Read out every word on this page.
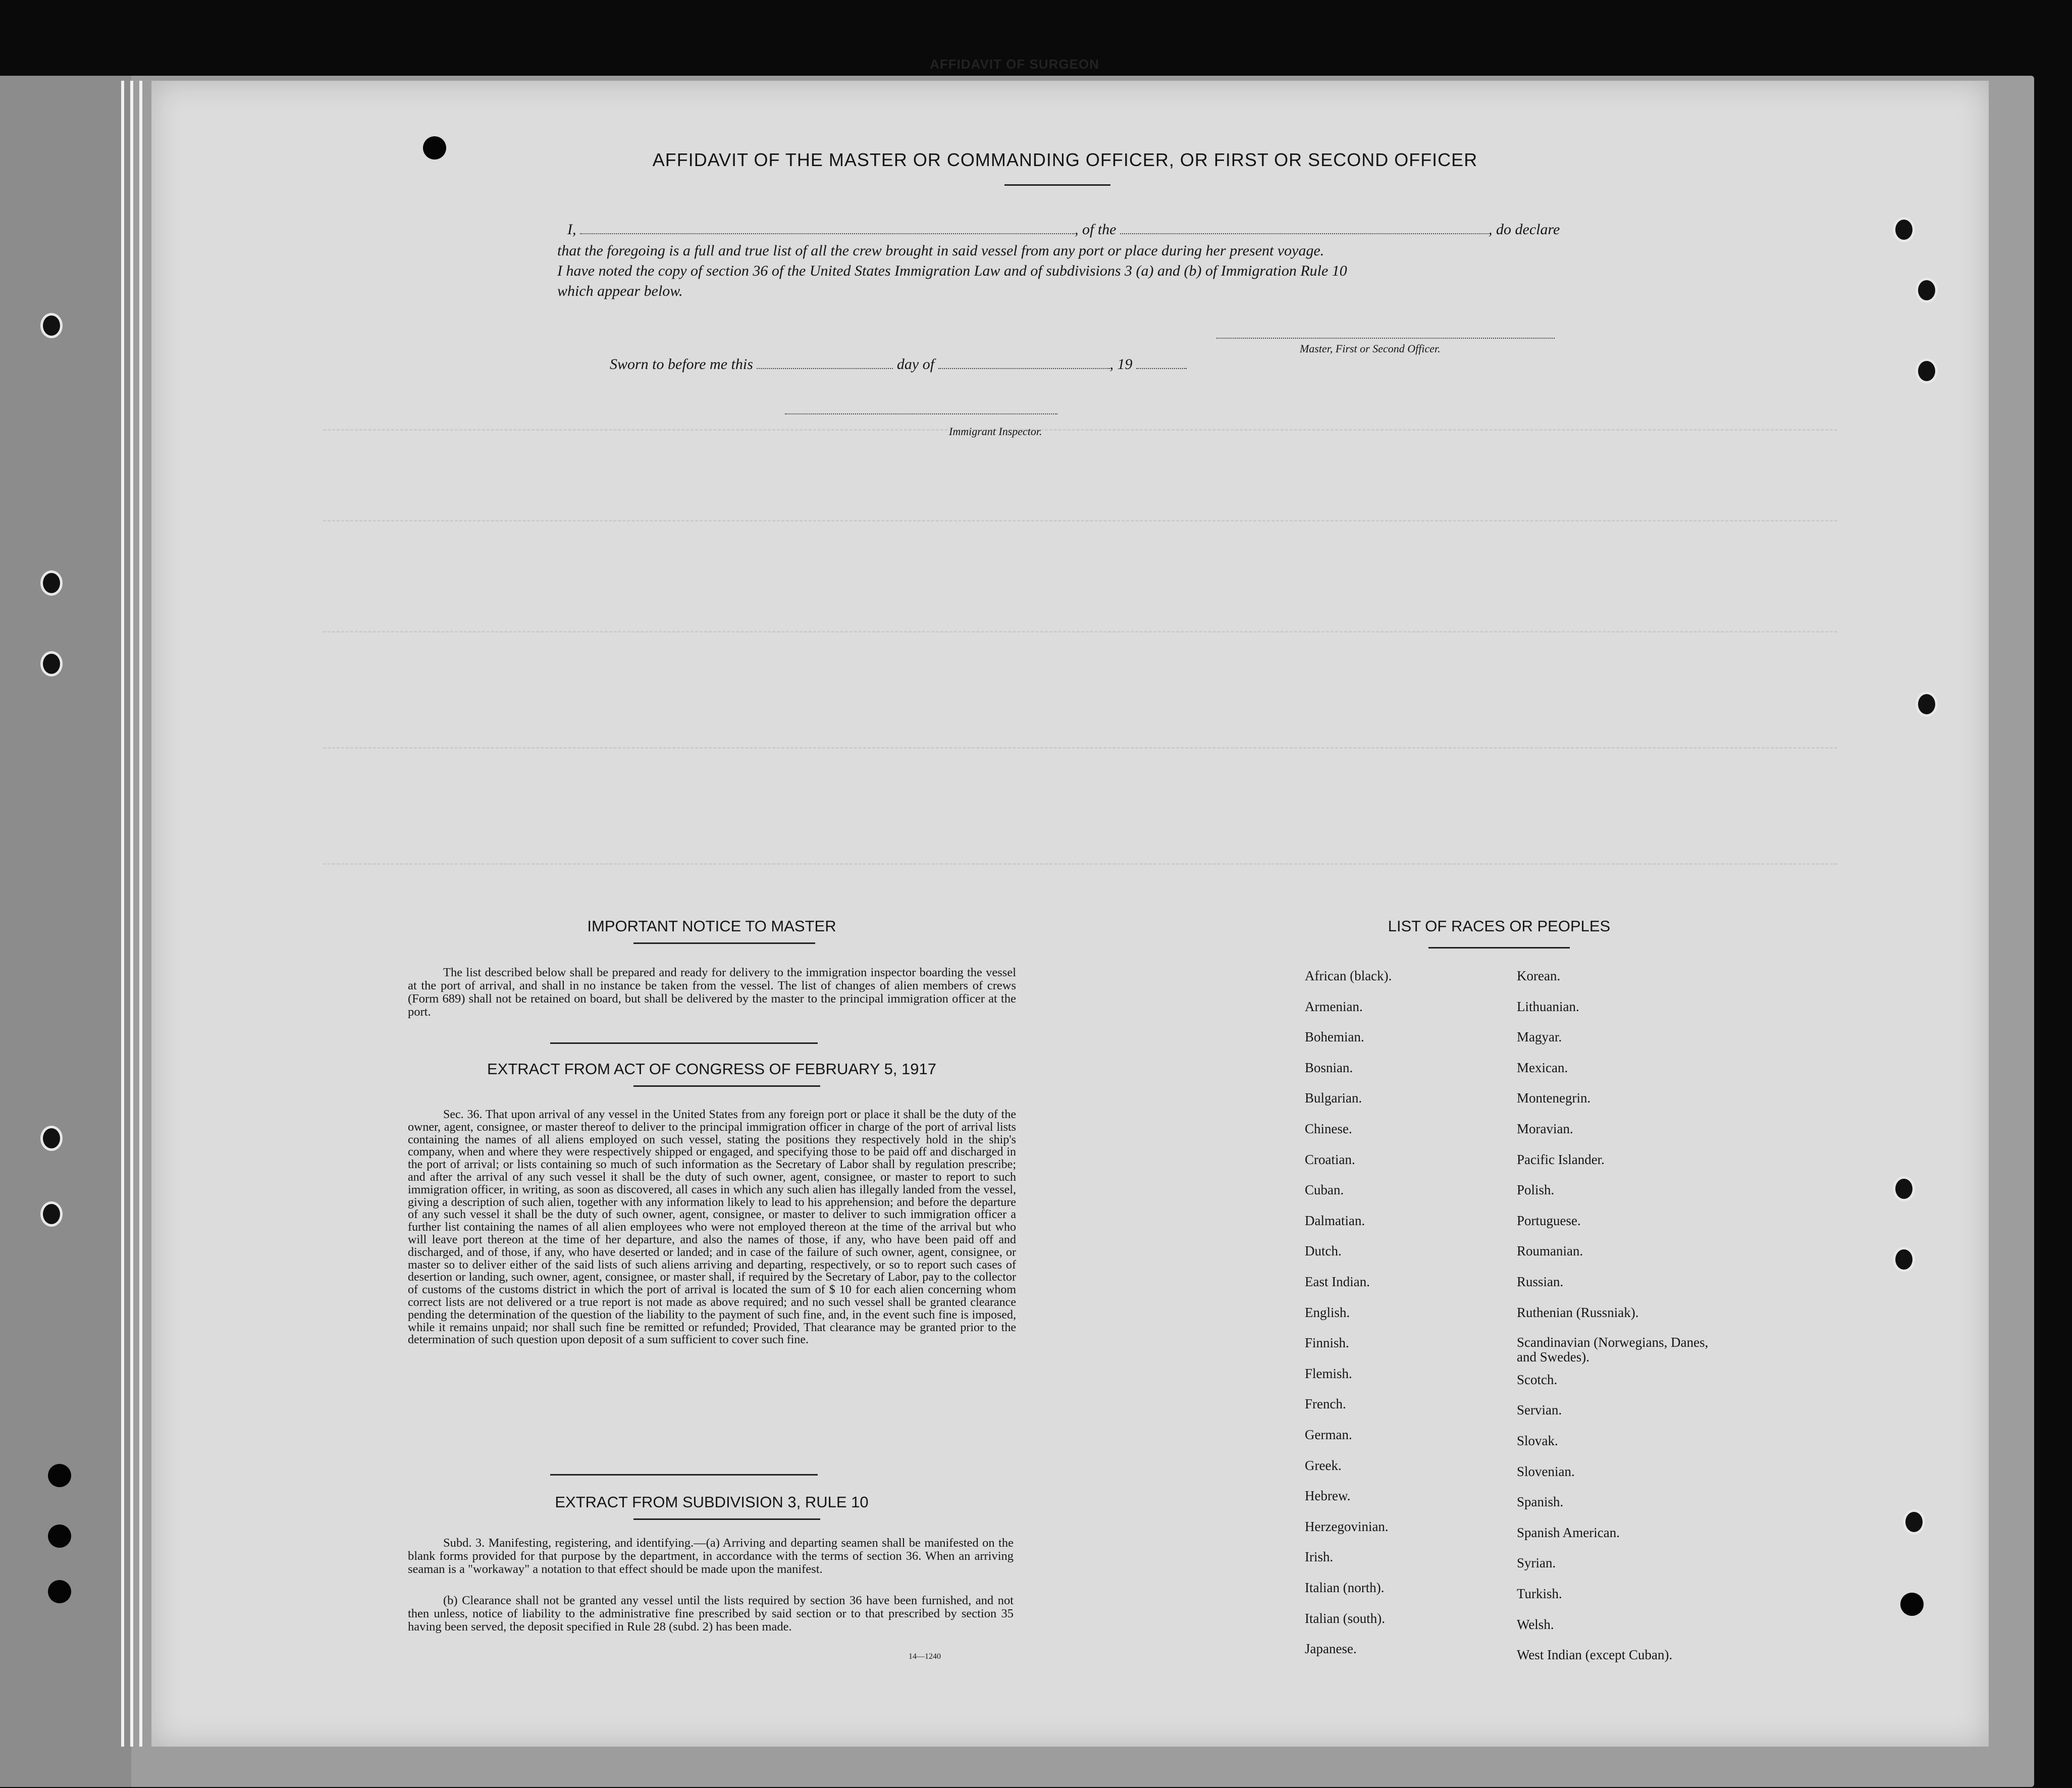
AFFIDAVIT OF SURGEON
AFFIDAVIT OF THE MASTER OR COMMANDING OFFICER, OR FIRST OR SECOND OFFICER
I,	, of the	, do declare
that the foregoing is a full and true list of all the crew brought in said vessel from any port or place during her present voyage.
I have noted the copy of section 36 of the United States Immigration Law and of subdivisions 3 (a) and (b) of Immigration Rule 10
which appear below.
Master, First or Second Officer.
Sworn to before me this	day of	, 19
Immigrant Inspector.
IMPORTANT NOTICE TO MASTER
The list described below shall be prepared and ready for delivery to the immigration inspector boarding the vessel at the port of arrival, and shall in no instance be taken from the vessel. The list of changes of alien members of crews (Form 689) shall not be retained on board, but shall be delivered by the master to the principal immigration officer at the port.
EXTRACT FROM ACT OF CONGRESS OF FEBRUARY 5, 1917
Sec. 36. That upon arrival of any vessel in the United States from any foreign port or place it shall be the duty of the owner, agent, consignee, or master thereof to deliver to the principal immigration officer in charge of the port of arrival lists containing the names of all aliens employed on such vessel, stating the positions they respectively hold in the ship's company, when and where they were respectively shipped or engaged, and specifying those to be paid off and discharged in the port of arrival; or lists containing so much of such information as the Secretary of Labor shall by regulation prescribe; and after the arrival of any such vessel it shall be the duty of such owner, agent, consignee, or master to report to such immigration officer, in writing, as soon as discovered, all cases in which any such alien has illegally landed from the vessel, giving a description of such alien, together with any information likely to lead to his apprehension; and before the departure of any such vessel it shall be the duty of such owner, agent, consignee, or master to deliver to such immigration officer a further list containing the names of all alien employees who were not employed thereon at the time of the arrival but who will leave port thereon at the time of her departure, and also the names of those, if any, who have been paid off and discharged, and of those, if any, who have deserted or landed; and in case of the failure of such owner, agent, consignee, or master so to deliver either of the said lists of such aliens arriving and departing, respectively, or so to report such cases of desertion or landing, such owner, agent, consignee, or master shall, if required by the Secretary of Labor, pay to the collector of customs of the customs district in which the port of arrival is located the sum of $ 10 for each alien concerning whom correct lists are not delivered or a true report is not made as above required; and no such vessel shall be granted clearance pending the determination of the question of the liability to the payment of such fine, and, in the event such fine is imposed, while it remains unpaid; nor shall such fine be remitted or refunded; Provided, That clearance may be granted prior to the determination of such question upon deposit of a sum sufficient to cover such fine.
EXTRACT FROM SUBDIVISION 3, RULE 10
Subd. 3. Manifesting, registering, and identifying.—(a) Arriving and departing seamen shall be manifested on the blank forms provided for that purpose by the department, in accordance with the terms of section 36. When an arriving seaman is a "workaway" a notation to that effect should be made upon the manifest.
(b) Clearance shall not be granted any vessel until the lists required by section 36 have been furnished, and not then unless, notice of liability to the administrative fine prescribed by said section or to that prescribed by section 35 having been served, the deposit specified in Rule 28 (subd. 2) has been made.
14—1240
LIST OF RACES OR PEOPLES
African (black).
Armenian.
Bohemian.
Bosnian.
Bulgarian.
Chinese.
Croatian.
Cuban.
Dalmatian.
Dutch.
East Indian.
English.
Finnish.
Flemish.
French.
German.
Greek.
Hebrew.
Herzegovinian.
Irish.
Italian (north).
Italian (south).
Japanese.
Korean.
Lithuanian.
Magyar.
Mexican.
Montenegrin.
Moravian.
Pacific Islander.
Polish.
Portuguese.
Roumanian.
Russian.
Ruthenian (Russniak).
Scandinavian (Norwegians, Danes, and Swedes).
Scotch.
Servian.
Slovak.
Slovenian.
Spanish.
Spanish American.
Syrian.
Turkish.
Welsh.
West Indian (except Cuban).
